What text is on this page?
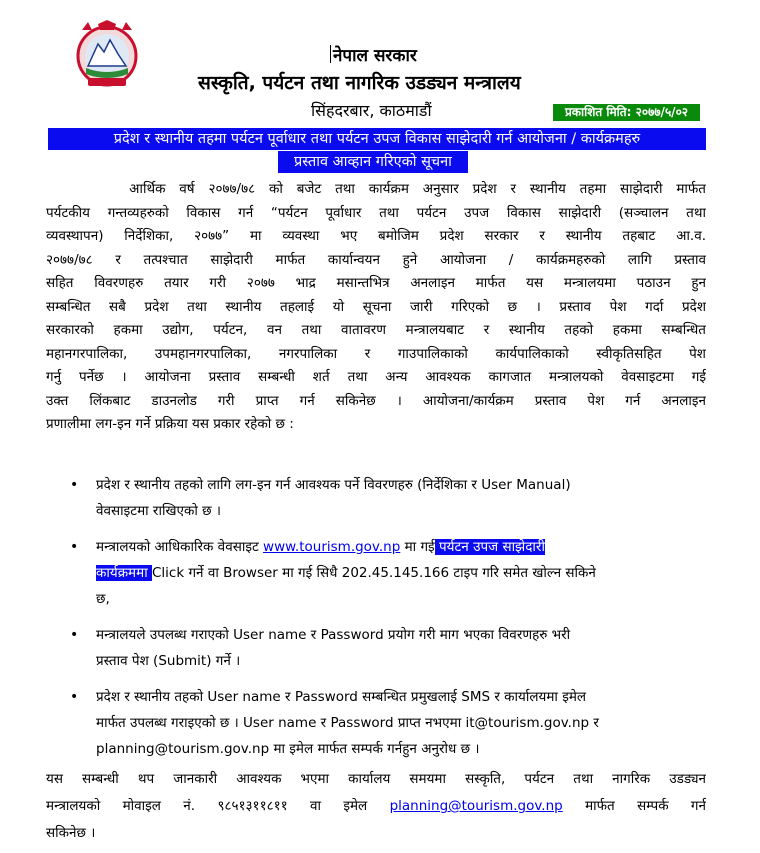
नेपाल सरकार
सस्कृति, पर्यटन तथा नागरिक उडड्यन मन्त्रालय
सिंहदरबार, काठमाडौं	प्रकाशित मिति: २०७७/५/०२
प्रदेश र स्थानीय तहमा पर्यटन पूर्वाधार तथा पर्यटन उपज विकास साझेदारी गर्न आयोजना / कार्यक्रमहरु
प्रस्ताव आव्हान गरिएको सूचना
आर्थिक वर्ष २०७७/७८ को बजेट तथा कार्यक्रम अनुसार प्रदेश र स्थानीय तहमा साझेदारी मार्फत
पर्यटकीय गन्तव्यहरुको विकास गर्न “पर्यटन पूर्वाधार तथा पर्यटन उपज विकास साझेदारी (सञ्चालन तथा
व्यवस्थापन) निर्देशिका, २०७७” मा व्यवस्था भए बमोजिम प्रदेश सरकार र स्थानीय तहबाट आ.व.
२०७७/७८ र तत्पश्चात साझेदारी मार्फत कार्यान्वयन हुने आयोजना / कार्यक्रमहरुको लागि प्रस्ताव
सहित विवरणहरु तयार गरी २०७७ भाद्र मसान्तभित्र अनलाइन मार्फत यस मन्त्रालयमा पठाउन हुन
सम्बन्धित सबै प्रदेश तथा स्थानीय तहलाई यो सूचना जारी गरिएको छ । प्रस्ताव पेश गर्दा प्रदेश
सरकारको हकमा उद्योग, पर्यटन, वन तथा वातावरण मन्त्रालयबाट र स्थानीय तहको हकमा सम्बन्धित
महानगरपालिका, उपमहानगरपालिका, नगरपालिका र गाउपालिकाको कार्यपालिकाको स्वीकृतिसहित पेश
गर्नु पर्नेछ । आयोजना प्रस्ताव सम्बन्धी शर्त तथा अन्य आवश्यक कागजात मन्त्रालयको वेवसाइटमा गई
उक्त लिंकबाट डाउनलोड गरी प्राप्त गर्न सकिनेछ । आयोजना/कार्यक्रम प्रस्ताव पेश गर्न अनलाइन
प्रणालीमा लग-इन गर्ने प्रक्रिया यस प्रकार रहेको छ :
• प्रदेश र स्थानीय तहको लागि लग-इन गर्न आवश्यक पर्ने विवरणहरु (निर्देशिका र User Manual)
वेवसाइटमा राखिएको छ ।
• मन्त्रालयको आधिकारिक वेवसाइट www.tourism.gov.np मा गई पर्यटन उपज साझेदारी
कार्यक्रममा Click गर्ने वा Browser मा गई सिधै 202.45.145.166 टाइप गरि समेत खोल्न सकिने
छ,
• मन्त्रालयले उपलब्ध गराएको User name र Password प्रयोग गरी माग भएका विवरणहरु भरी
प्रस्ताव पेश (Submit) गर्ने ।
• प्रदेश र स्थानीय तहको User name र Password सम्बन्धित प्रमुखलाई SMS र कार्यालयमा इमेल
मार्फत उपलब्ध गराइएको छ । User name र Password प्राप्त नभएमा it@tourism.gov.np र
planning@tourism.gov.np मा इमेल मार्फत सम्पर्क गर्नहुन अनुरोध छ ।
यस सम्बन्धी थप जानकारी आवश्यक भएमा कार्यालय समयमा सस्कृति, पर्यटन तथा नागरिक उडड्यन
मन्त्रालयको मोवाइल नं. ९८५१३११८११ वा इमेल planning@tourism.gov.np मार्फत सम्पर्क गर्न
सकिनेछ ।
